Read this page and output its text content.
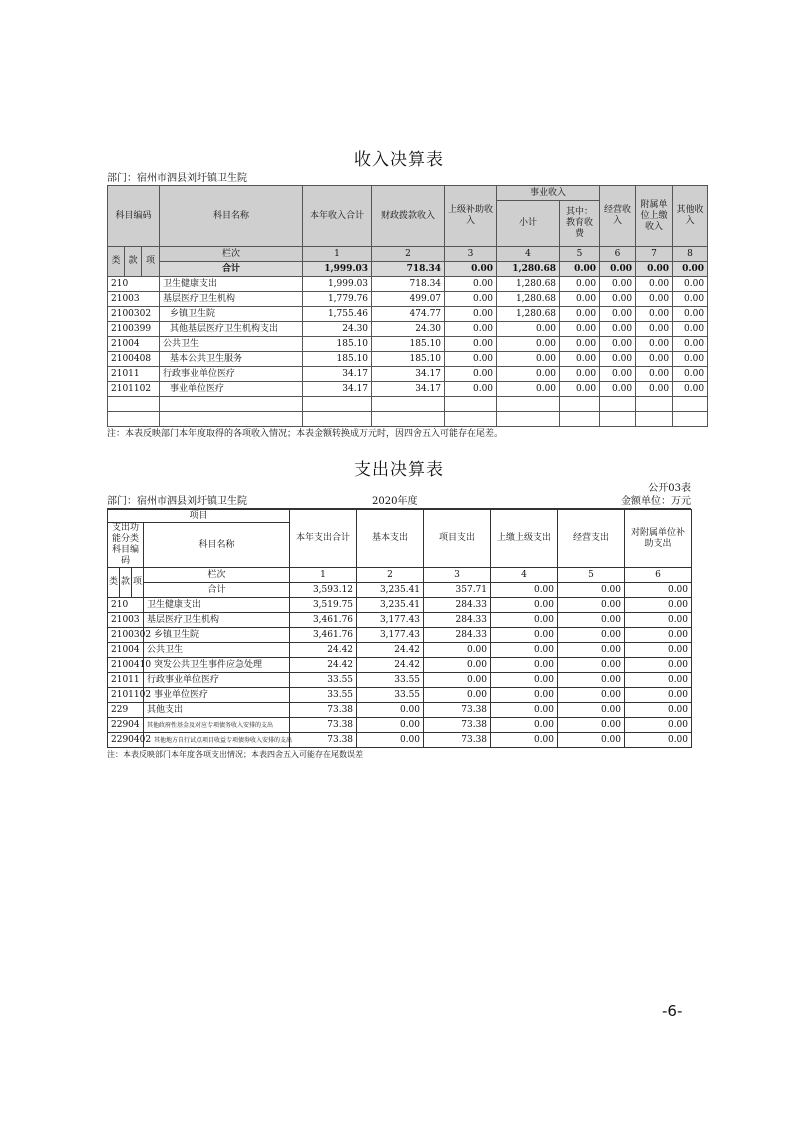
收入决算表
部门：宿州市泗县刘圩镇卫生院
科目编码			科目名称	本年收入合计	财政拨款收入	上级补助收入	事业收入		经营收入	附属单位上缴收入	其他收入
							小计	其中：教育收费			

类	款	项	栏次	1	2	3	4	5	6	7	8
			合计	1,999.03	718.34	0.00	1,280.68	0.00	0.00	0.00	0.00
210			卫生健康支出	1,999.03	718.34	0.00	1,280.68	0.00	0.00	0.00	0.00
21003			基层医疗卫生机构	1,779.76	499.07	0.00	1,280.68	0.00	0.00	0.00	0.00
2100302			乡镇卫生院	1,755.46	474.77	0.00	1,280.68	0.00	0.00	0.00	0.00
2100399			其他基层医疗卫生机构支出	24.30	24.30	0.00	0.00	0.00	0.00	0.00	0.00
21004			公共卫生	185.10	185.10	0.00	0.00	0.00	0.00	0.00	0.00
2100408			基本公共卫生服务	185.10	185.10	0.00	0.00	0.00	0.00	0.00	0.00
21011			行政事业单位医疗	34.17	34.17	0.00	0.00	0.00	0.00	0.00	0.00
2101102			事业单位医疗	34.17	34.17	0.00	0.00	0.00	0.00	0.00	0.00

注：本表反映部门本年度取得的各项收入情况；本表金额转换成万元时，因四舍五入可能存在尾差。
支出决算表
公开03表
部门：宿州市泗县刘圩镇卫生院	2020年度	金额单位：万元
项目				本年支出合计	基本支出	项目支出	上缴上级支出	经营支出	对附属单位补助支出
支出功能分类科目编码			科目名称						
类	款	项	栏次	1	2	3	4	5	6
			合计	3,593.12	3,235.41	357.71	0.00	0.00	0.00
210			卫生健康支出	3,519.75	3,235.41	284.33	0.00	0.00	0.00
21003			基层医疗卫生机构	3,461.76	3,177.43	284.33	0.00	0.00	0.00
2100302			乡镇卫生院	3,461.76	3,177.43	284.33	0.00	0.00	0.00
21004			公共卫生	24.42	24.42	0.00	0.00	0.00	0.00
2100410			突发公共卫生事件应急处理	24.42	24.42	0.00	0.00	0.00	0.00
21011			行政事业单位医疗	33.55	33.55	0.00	0.00	0.00	0.00
2101102			事业单位医疗	33.55	33.55	0.00	0.00	0.00	0.00
229			其他支出	73.38	0.00	73.38	0.00	0.00	0.00
22904			其他政府性基金及对应专项债务收入安排的支出	73.38	0.00	73.38	0.00	0.00	0.00
2290402			其他地方自行试点项目收益专项债券收入安排的支出	73.38	0.00	73.38	0.00	0.00	0.00
注：本表反映部门本年度各项支出情况；本表四舍五入可能存在尾数误差
-6-
